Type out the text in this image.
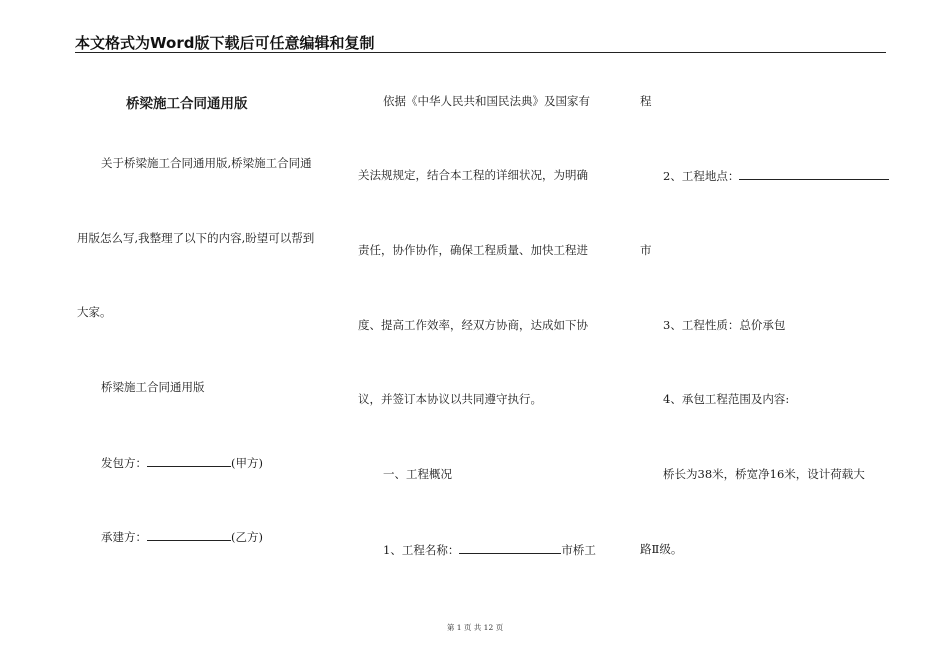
本文格式为Word版下载后可任意编辑和复制
桥梁施工合同通用版
关于桥梁施工合同通用版,桥梁施工合同通
用版怎么写,我整理了以下的内容,盼望可以帮到
大家。
桥梁施工合同通用版
发包方：	(甲方)
承建方：	(乙方)
依据《中华人民共和国民法典》及国家有
关法规规定，结合本工程的详细状况，为明确
责任，协作协作，确保工程质量、加快工程进
度、提高工作效率，经双方协商，达成如下协
议，并签订本协议以共同遵守执行。
一、工程概况
1、工程名称：	市桥工
程
2、工程地点：
市
3、工程性质：总价承包
4、承包工程范围及内容:
桥长为38米，桥宽净16米，设计荷载大
路Ⅱ级。
第 1 页 共 12 页
